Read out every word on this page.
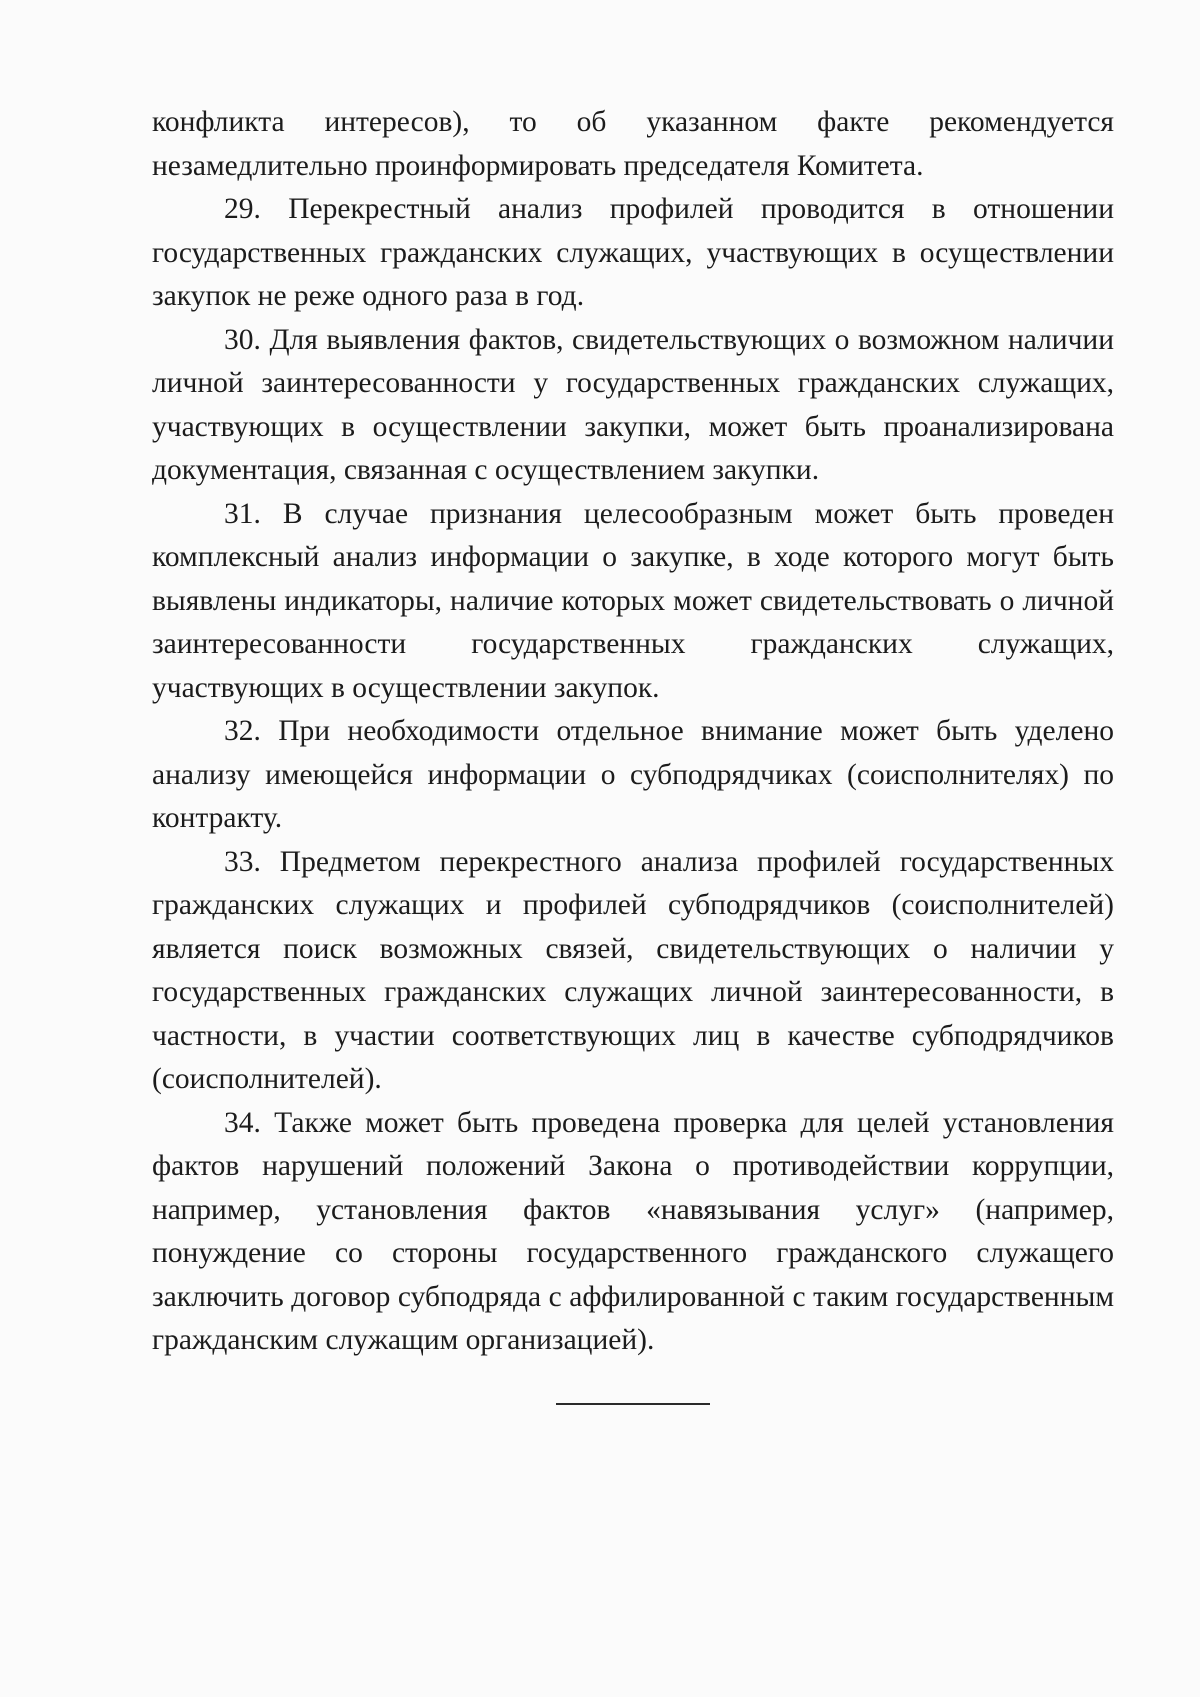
конфликта интересов), то об указанном факте рекомендуется незамедлительно проинформировать председателя Комитета.

29. Перекрестный анализ профилей проводится в отношении государственных гражданских служащих, участвующих в осуществлении закупок не реже одного раза в год.

30. Для выявления фактов, свидетельствующих о возможном наличии личной заинтересованности у государственных гражданских служащих, участвующих в осуществлении закупки, может быть проанализирована документация, связанная с осуществлением закупки.

31. В случае признания целесообразным может быть проведен комплексный анализ информации о закупке, в ходе которого могут быть выявлены индикаторы, наличие которых может свидетельствовать о личной заинтересованности государственных гражданских служащих, участвующих в осуществлении закупок.

32. При необходимости отдельное внимание может быть уделено анализу имеющейся информации о субподрядчиках (соисполнителях) по контракту.

33. Предметом перекрестного анализа профилей государственных гражданских служащих и профилей субподрядчиков (соисполнителей) является поиск возможных связей, свидетельствующих о наличии у государственных гражданских служащих личной заинтересованности, в частности, в участии соответствующих лиц в качестве субподрядчиков (соисполнителей).

34. Также может быть проведена проверка для целей установления фактов нарушений положений Закона о противодействии коррупции, например, установления фактов «навязывания услуг» (например, понуждение со стороны государственного гражданского служащего заключить договор субподряда с аффилированной с таким государственным гражданским служащим организацией).
